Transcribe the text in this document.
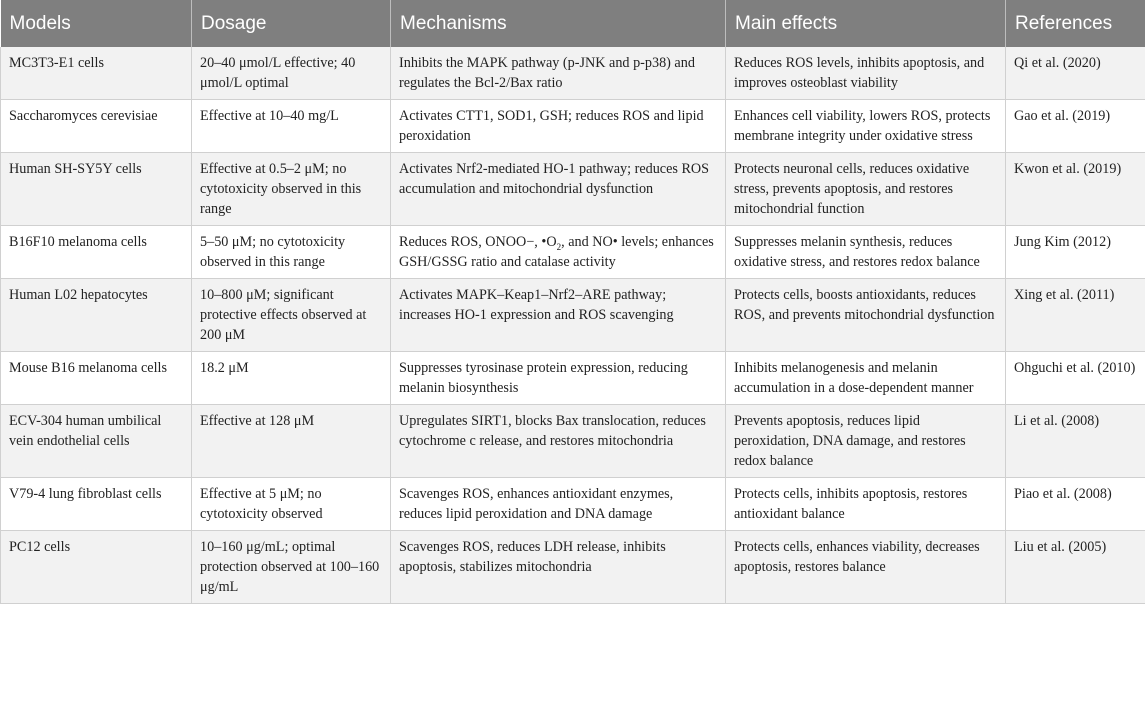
Models	Dosage	Mechanisms	Main effects	References
MC3T3-E1 cells	20–40 μmol/L effective; 40 μmol/L optimal	Inhibits the MAPK pathway (p-JNK and p-p38) and regulates the Bcl-2/Bax ratio	Reduces ROS levels, inhibits apoptosis, and improves osteoblast viability	Qi et al. (2020)
Saccharomyces cerevisiae	Effective at 10–40 mg/L	Activates CTT1, SOD1, GSH; reduces ROS and lipid peroxidation	Enhances cell viability, lowers ROS, protects membrane integrity under oxidative stress	Gao et al. (2019)
Human SH-SY5Y cells	Effective at 0.5–2 μM; no cytotoxicity observed in this range	Activates Nrf2-mediated HO-1 pathway; reduces ROS accumulation and mitochondrial dysfunction	Protects neuronal cells, reduces oxidative stress, prevents apoptosis, and restores mitochondrial function	Kwon et al. (2019)
B16F10 melanoma cells	5–50 μM; no cytotoxicity observed in this range	Reduces ROS, ONOO−, $•O_2$, and NO• levels; enhances GSH/GSSG ratio and catalase activity	Suppresses melanin synthesis, reduces oxidative stress, and restores redox balance	Jung Kim (2012)
Human L02 hepatocytes	10–800 μM; significant protective effects observed at 200 μM	Activates MAPK–Keap1–Nrf2–ARE pathway; increases HO-1 expression and ROS scavenging	Protects cells, boosts antioxidants, reduces ROS, and prevents mitochondrial dysfunction	Xing et al. (2011)
Mouse B16 melanoma cells	18.2 μM	Suppresses tyrosinase protein expression, reducing melanin biosynthesis	Inhibits melanogenesis and melanin accumulation in a dose-dependent manner	Ohguchi et al. (2010)
ECV-304 human umbilical vein endothelial cells	Effective at 128 μM	Upregulates SIRT1, blocks Bax translocation, reduces cytochrome c release, and restores mitochondria	Prevents apoptosis, reduces lipid peroxidation, DNA damage, and restores redox balance	Li et al. (2008)
V79-4 lung fibroblast cells	Effective at 5 μM; no cytotoxicity observed	Scavenges ROS, enhances antioxidant enzymes, reduces lipid peroxidation and DNA damage	Protects cells, inhibits apoptosis, restores antioxidant balance	Piao et al. (2008)
PC12 cells	10–160 μg/mL; optimal protection observed at 100–160 μg/mL	Scavenges ROS, reduces LDH release, inhibits apoptosis, stabilizes mitochondria	Protects cells, enhances viability, decreases apoptosis, restores balance	Liu et al. (2005)
